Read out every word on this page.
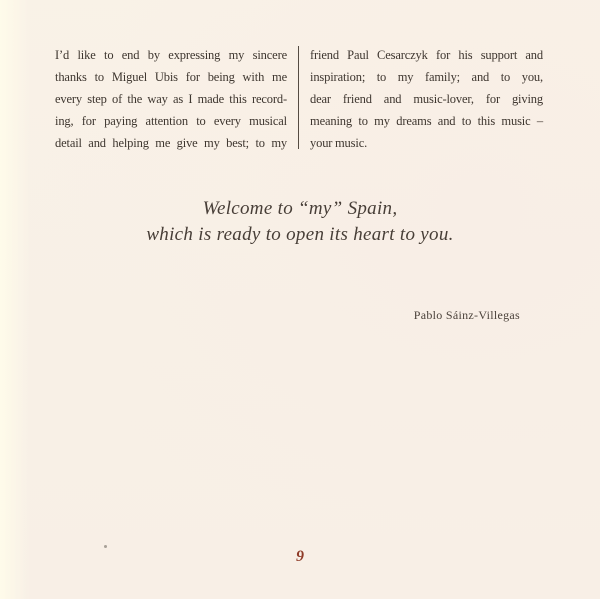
I’d like to end by expressing my sincere
thanks to Miguel Ubis for being with me
every step of the way as I made this record-
ing, for paying attention to every musical
detail and helping me give my best; to my
friend Paul Cesarczyk for his support and
inspiration; to my family; and to you,
dear friend and music-lover, for giving
meaning to my dreams and to this music –
your music.
Welcome to “my” Spain,
which is ready to open its heart to you.
Pablo Sáinz-Villegas
9
